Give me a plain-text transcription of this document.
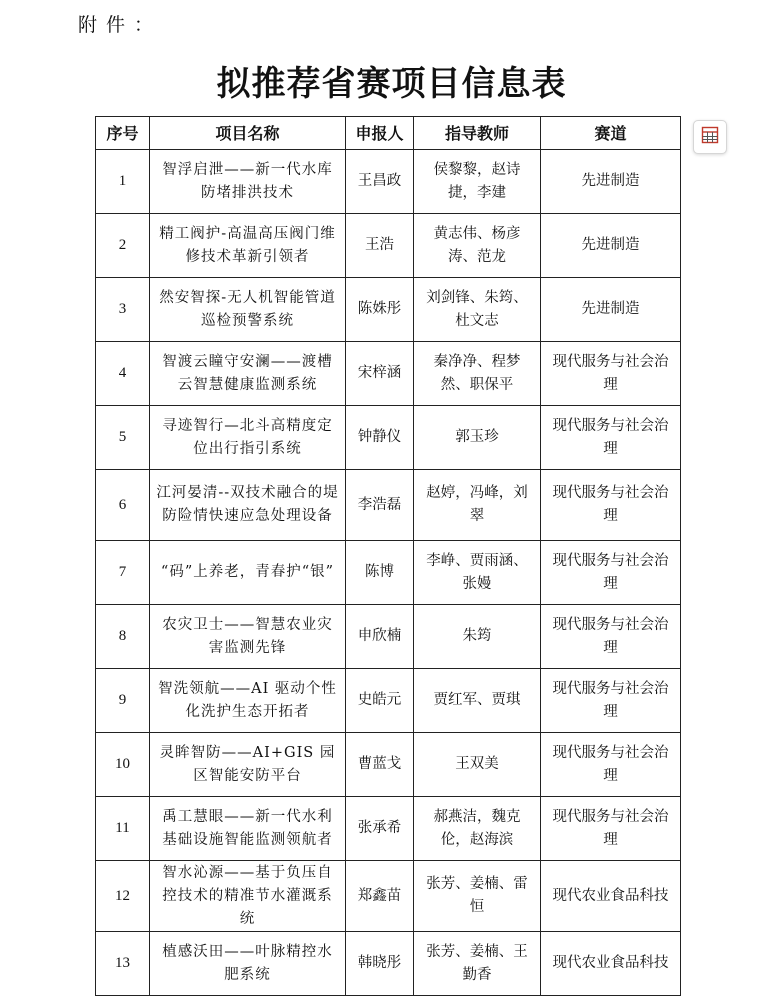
附件：
拟推荐省赛项目信息表
序号	项目名称	申报人	指导教师	赛道
1	智浮启泄——新一代水库防堵排洪技术	王昌政	侯黎黎，赵诗捷，李建	先进制造
2	精工阀护-高温高压阀门维修技术革新引领者	王浩	黄志伟、杨彦涛、范龙	先进制造
3	然安智探-无人机智能管道巡检预警系统	陈姝彤	刘剑锋、朱筠、杜文志	先进制造
4	智渡云瞳守安澜——渡槽云智慧健康监测系统	宋梓涵	秦净净、程梦然、职保平	现代服务与社会治理
5	寻迹智行—北斗高精度定位出行指引系统	钟静仪	郭玉珍	现代服务与社会治理
6	江河晏清--双技术融合的堤防险情快速应急处理设备	李浩磊	赵婷，冯峰，刘翠	现代服务与社会治理
7	“码”上养老，青春护“银”	陈博	李峥、贾雨涵、张嫚	现代服务与社会治理
8	农灾卫士——智慧农业灾害监测先锋	申欣楠	朱筠	现代服务与社会治理
9	智洗领航——AI 驱动个性化洗护生态开拓者	史皓元	贾红军、贾琪	现代服务与社会治理
10	灵眸智防——AI+GIS 园区智能安防平台	曹蓝戈	王双美	现代服务与社会治理
11	禹工慧眼——新一代水利基础设施智能监测领航者	张承希	郝燕洁，魏克伦，赵海滨	现代服务与社会治理
12	智水沁源——基于负压自控技术的精准节水灌溉系统	郑鑫苗	张芳、姜楠、雷恒	现代农业食品科技
13	植感沃田——叶脉精控水肥系统	韩晓彤	张芳、姜楠、王勤香	现代农业食品科技
